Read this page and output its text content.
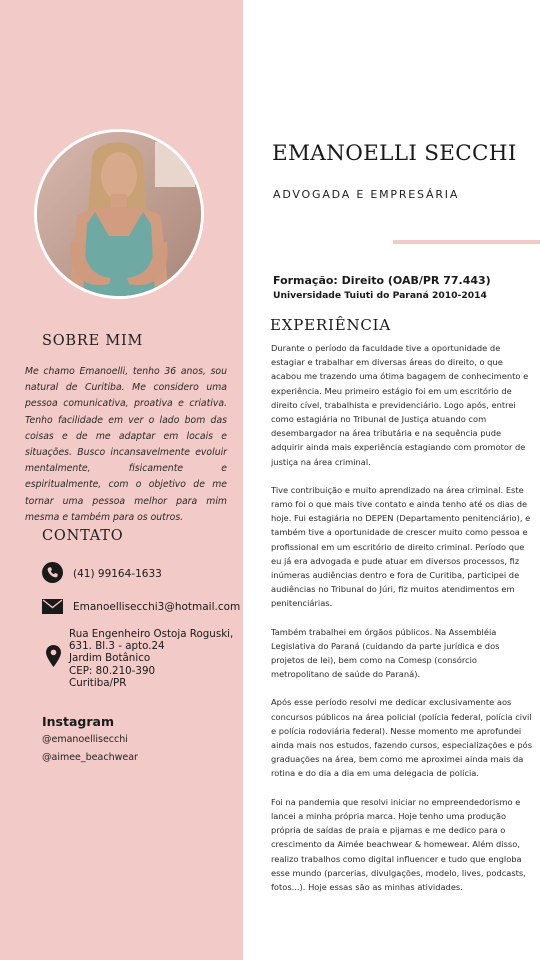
SOBRE MIM
Me chamo Emanoelli, tenho 36 anos, sou natural de Curitiba. Me considero uma pessoa comunicativa, proativa e criativa. Tenho facilidade em ver o lado bom das coisas e de me adaptar em locais e situações. Busco incansavelmente evoluir mentalmente, fisicamente e espiritualmente, com o objetivo de me tornar uma pessoa melhor para mim mesma e também para os outros.
CONTATO
(41) 99164-1633
Emanoellisecchi3@hotmail.com
Rua Engenheiro Ostoja Roguski,
631. Bl.3 - apto.24
Jardim Botânico
CEP: 80.210-390
Curitiba/PR
Instagram
@emanoellisecchi
@aimee_beachwear
EMANOELLI SECCHI
ADVOGADA E EMPRESÁRIA
Formação: Direito (OAB/PR 77.443)
Universidade Tuiuti do Paraná 2010-2014
EXPERIÊNCIA

Durante o período da faculdade tive a oportunidade de estagiar e trabalhar em diversas áreas do direito, o que acabou me trazendo uma ótima bagagem de conhecimento e experiência. Meu primeiro estágio foi em um escritório de direito cível, trabalhista e previdenciário. Logo após, entrei como estagiária no Tribunal de Justiça atuando com desembargador na área tributária e na sequência pude adquirir ainda mais experiência estagiando com promotor de justiça na área criminal.

Tive contribuição e muito aprendizado na área criminal. Este ramo foi o que mais tive contato e ainda tenho até os dias de hoje. Fui estagiária no DEPEN (Departamento penitenciário), e também tive a oportunidade de crescer muito como pessoa e profissional em um escritório de direito criminal. Período que eu já era advogada e pude atuar em diversos processos, fiz inúmeras audiências dentro e fora de Curitiba, participei de audiências no Tribunal do Júri, fiz muitos atendimentos em penitenciárias.

Também trabalhei em órgãos públicos. Na Assembléia Legislativa do Paraná (cuidando da parte jurídica e dos projetos de lei), bem como na Comesp (consórcio metropolitano de saúde do Paraná).

Após esse período resolvi me dedicar exclusivamente aos concursos públicos na área policial (polícia federal, polícia civil e polícia rodoviária federal). Nesse momento me aprofundei ainda mais nos estudos, fazendo cursos, especializações e pós graduações na área, bem como me aproximei ainda mais da rotina e do dia a dia em uma delegacia de polícia.

Foi na pandemia que resolvi iniciar no empreendedorismo e lancei a minha própria marca. Hoje tenho uma produção própria de saídas de praia e pijamas e me dedico para o crescimento da Aimée beachwear & homewear. Além disso, realizo trabalhos como digital influencer e tudo que engloba esse mundo (parcerias, divulgações, modelo, lives, podcasts, fotos...). Hoje essas são as minhas atividades.
